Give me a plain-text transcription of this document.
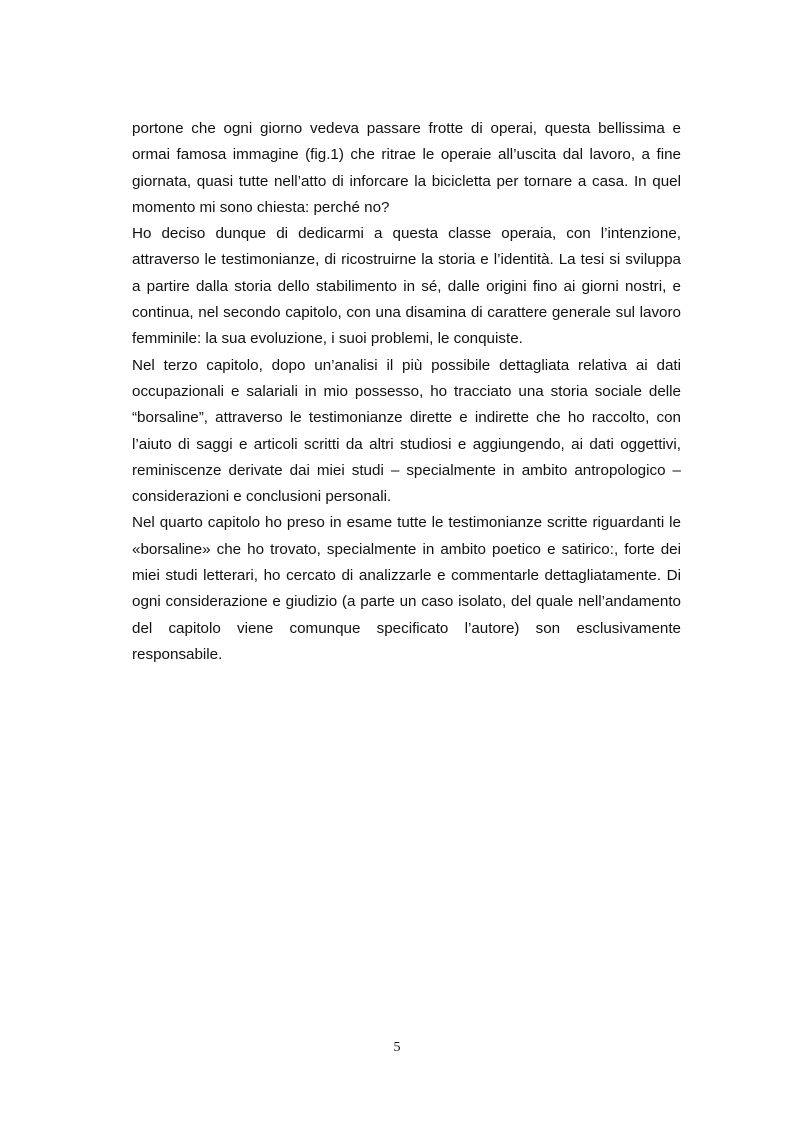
portone che ogni giorno vedeva passare frotte di operai, questa bellissima e ormai famosa immagine (fig.1) che ritrae le operaie all’uscita dal lavoro, a fine giornata, quasi tutte nell’atto di inforcare la bicicletta per tornare a casa. In quel momento mi sono chiesta: perché no?

Ho deciso dunque di dedicarmi a questa classe operaia, con l’intenzione, attraverso le testimonianze, di ricostruirne la storia e l’identità. La tesi si sviluppa a partire dalla storia dello stabilimento in sé, dalle origini fino ai giorni nostri, e continua, nel secondo capitolo, con una disamina di carattere generale sul lavoro femminile: la sua evoluzione, i suoi problemi, le conquiste.

Nel terzo capitolo, dopo un’analisi il più possibile dettagliata relativa ai dati occupazionali e salariali in mio possesso, ho tracciato una storia sociale delle “borsaline”, attraverso le testimonianze dirette e indirette che ho raccolto, con l’aiuto di saggi e articoli scritti da altri studiosi e aggiungendo, ai dati oggettivi, reminiscenze derivate dai miei studi – specialmente in ambito antropologico – considerazioni e conclusioni personali.

Nel quarto capitolo ho preso in esame tutte le testimonianze scritte riguardanti le «borsaline» che ho trovato, specialmente in ambito poetico e satirico:, forte dei miei studi letterari, ho cercato di analizzarle e commentarle dettagliatamente. Di ogni considerazione e giudizio (a parte un caso isolato, del quale nell’andamento del capitolo viene comunque specificato l’autore) son esclusivamente responsabile.

5
